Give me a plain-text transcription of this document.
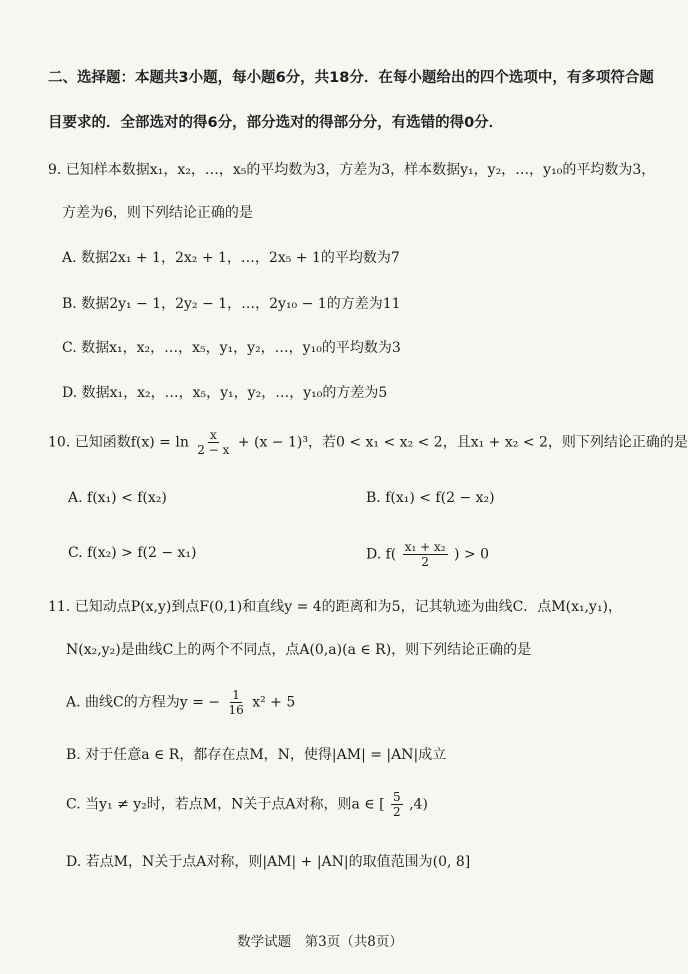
二、选择题：本题共3小题，每小题6分，共18分．在每小题给出的四个选项中，有多项符合题
目要求的．全部选对的得6分，部分选对的得部分分，有选错的得0分．
9. 已知样本数据x₁，x₂，…，x₅的平均数为3，方差为3，样本数据y₁，y₂，…，y₁₀的平均数为3，
方差为6，则下列结论正确的是
A. 数据2x₁ + 1，2x₂ + 1，…，2x₅ + 1的平均数为7
B. 数据2y₁ − 1，2y₂ − 1，…，2y₁₀ − 1的方差为11
C. 数据x₁，x₂，…，x₅，y₁，y₂，…，y₁₀的平均数为3
D. 数据x₁，x₂，…，x₅，y₁，y₂，…，y₁₀的方差为5
10. 已知函数$f(x) = \ln \frac{x}{2 - x} + (x - 1)^3$，若0 < x₁ < x₂ < 2，且x₁ + x₂ < 2，则下列结论正确的是
A. f(x₁) < f(x₂)	B. f(x₁) < f(2 − x₂)
C. f(x₂) > f(2 − x₁)	D. $f( \frac{\text{x₁ + x₂}}{2}$ ) > 0
11. 已知动点P(x,y)到点F(0,1)和直线y = 4的距离和为5，记其轨迹为曲线C．点M(x₁,y₁)，
N(x₂,y₂)是曲线C上的两个不同点，点A(0,a)(a ∈ R)，则下列结论正确的是
A. 曲线C的方程为y = − $\frac{1}{16} x^2 + 5$
B. 对于任意a ∈ R，都存在点M，N，使得|AM| = |AN|成立
C. 当y₁ ≠ y₂时，若点M，N关于点A对称，则a ∈ [ $\frac{5}{2} ,4$)
D. 若点M，N关于点A对称，则|AM| + |AN|的取值范围为(0, 8]
数学试题　第3页（共8页）
